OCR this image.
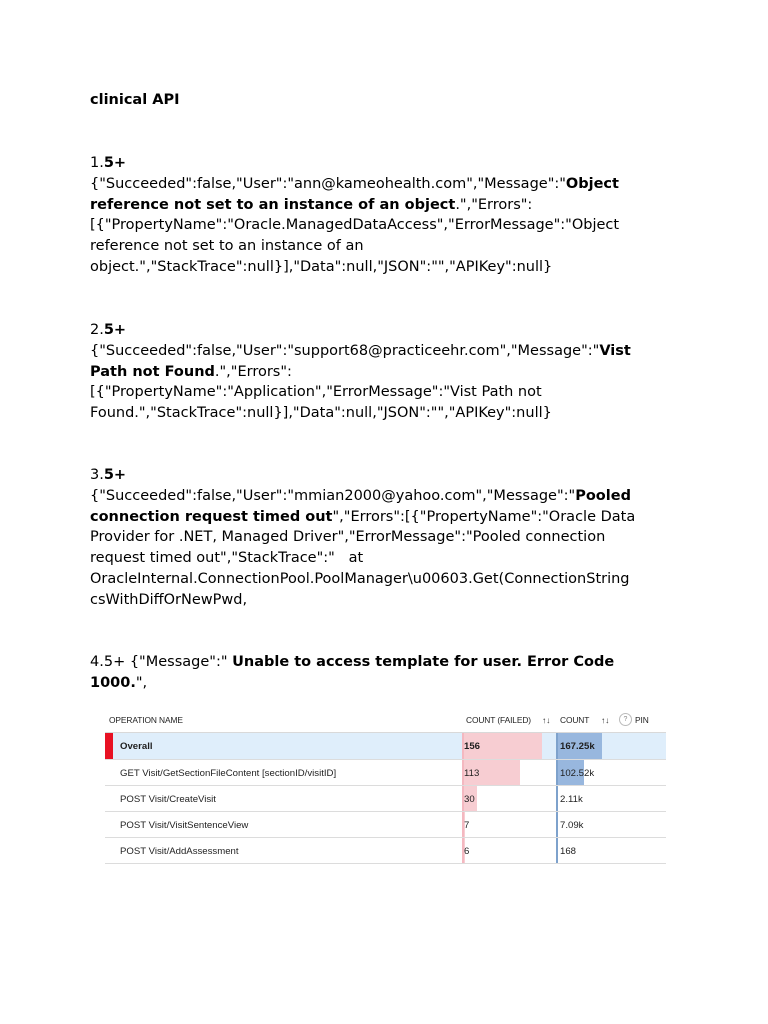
clinical API
1.5+
{"Succeeded":false,"User":"ann@kameohealth.com","Message":"Object
reference not set to an instance of an object.","Errors":
[{"PropertyName":"Oracle.ManagedDataAccess","ErrorMessage":"Object
reference not set to an instance of an
object.","StackTrace":null}],"Data":null,"JSON":"","APIKey":null}
2.5+
{"Succeeded":false,"User":"support68@practiceehr.com","Message":"Vist
Path not Found.","Errors":
[{"PropertyName":"Application","ErrorMessage":"Vist Path not
Found.","StackTrace":null}],"Data":null,"JSON":"","APIKey":null}
3.5+
{"Succeeded":false,"User":"mmian2000@yahoo.com","Message":"Pooled
connection request timed out","Errors":[{"PropertyName":"Oracle Data
Provider for .NET, Managed Driver","ErrorMessage":"Pooled connection
request timed out","StackTrace":"   at
OracleInternal.ConnectionPool.PoolManager\u00603.Get(ConnectionString
csWithDiffOrNewPwd,
4.5+ {"Message":" Unable to access template for user. Error Code
1000.",
OPERATION NAME	COUNT (FAILED) ↑↓ COUNT ↑↓	? PIN
Overall	156	167.25k
GET Visit/GetSectionFileContent [sectionID/visitID]	113	102.52k
POST Visit/CreateVisit	30	2.11k
POST Visit/VisitSentenceView	7	7.09k
POST Visit/AddAssessment	6	168
